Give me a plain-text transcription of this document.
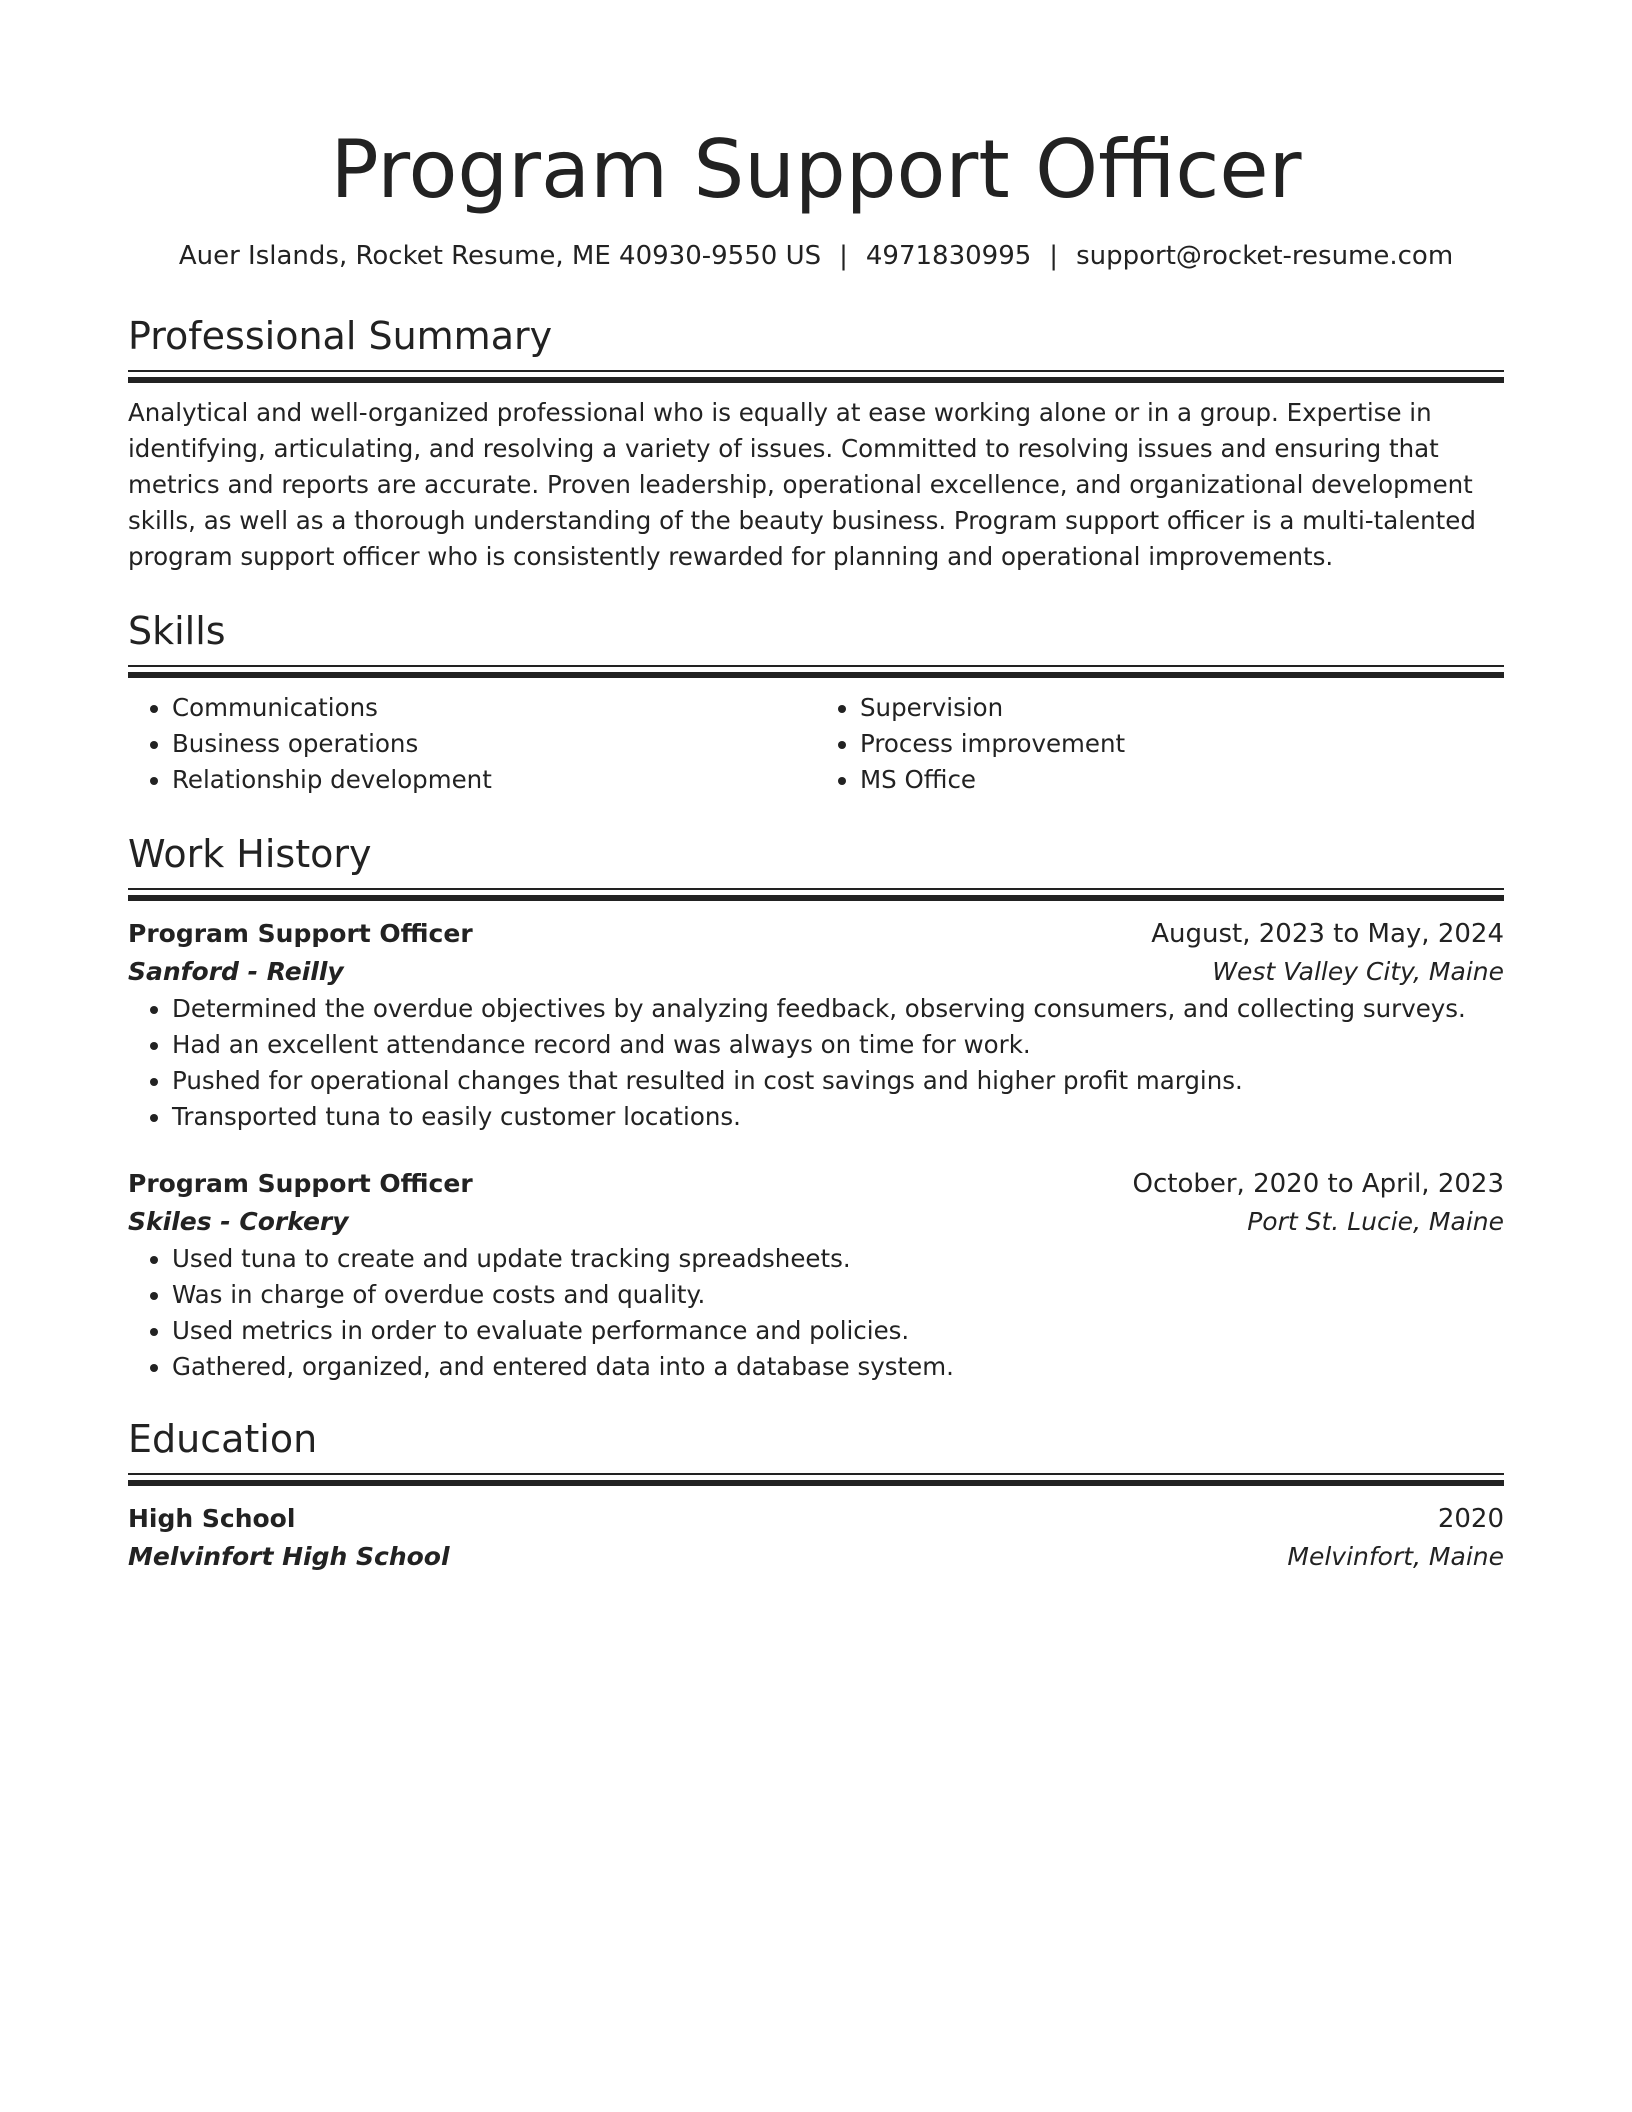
Program Support Officer
Auer Islands, Rocket Resume, ME 40930-9550 US | 4971830995 | support@rocket-resume.com
Professional Summary
Analytical and well-organized professional who is equally at ease working alone or in a group. Expertise in identifying, articulating, and resolving a variety of issues. Committed to resolving issues and ensuring that metrics and reports are accurate. Proven leadership, operational excellence, and organizational development skills, as well as a thorough understanding of the beauty business. Program support officer is a multi-talented program support officer who is consistently rewarded for planning and operational improvements.
Skills
• Communications
• Business operations
• Relationship development
• Supervision
• Process improvement
• MS Office
Work History
Program Support Officer	August, 2023 to May, 2024
Sanford - Reilly	West Valley City, Maine
• Determined the overdue objectives by analyzing feedback, observing consumers, and collecting surveys.
• Had an excellent attendance record and was always on time for work.
• Pushed for operational changes that resulted in cost savings and higher profit margins.
• Transported tuna to easily customer locations.
Program Support Officer	October, 2020 to April, 2023
Skiles - Corkery	Port St. Lucie, Maine
• Used tuna to create and update tracking spreadsheets.
• Was in charge of overdue costs and quality.
• Used metrics in order to evaluate performance and policies.
• Gathered, organized, and entered data into a database system.
Education
High School	2020
Melvinfort High School	Melvinfort, Maine
